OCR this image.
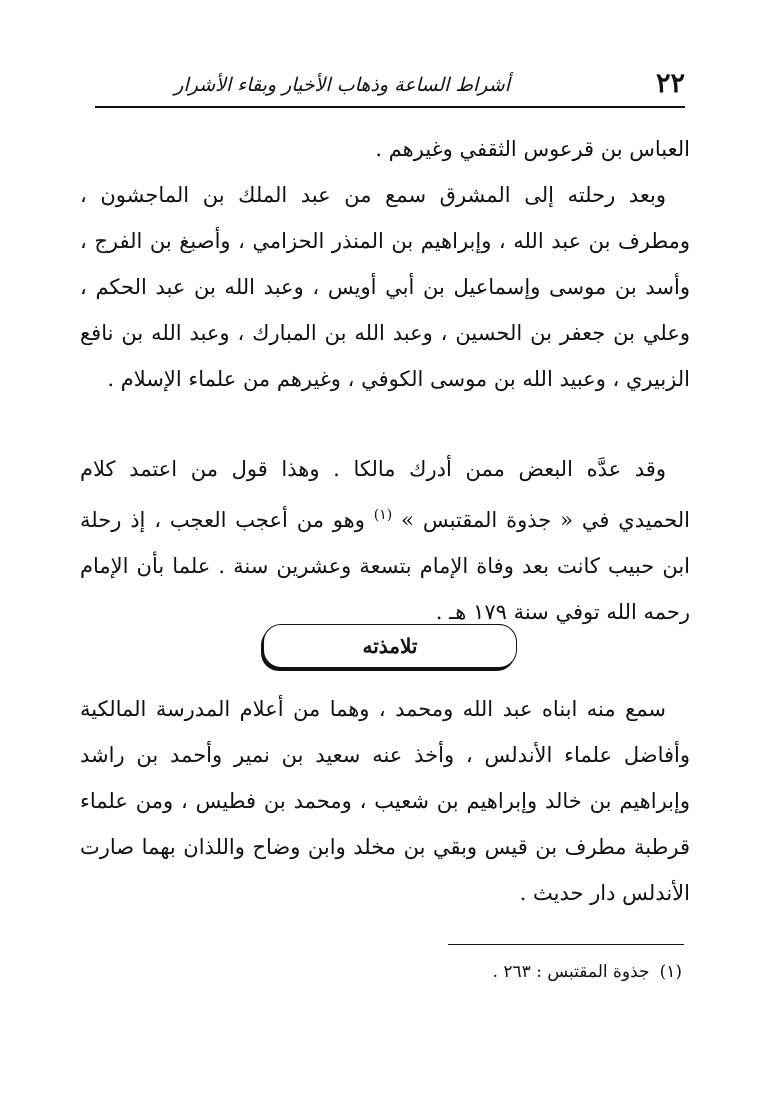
٢٢
أشراط الساعة وذهاب الأخيار وبقاء الأشرار

العباس بن قرعوس الثقفي وغيرهم .

وبعد رحلته إلى المشرق سمع من عبد الملك بن الماجشون ، ومطرف بن عبد الله ، وإبراهيم بن المنذر الحزامي ، وأصبغ بن الفرج ، وأسد بن موسى وإسماعيل بن أبي أويس ، وعبد الله بن عبد الحكم ، وعلي بن جعفر بن الحسين ، وعبد الله بن المبارك ، وعبد الله بن نافع الزبيري ، وعبيد الله بن موسى الكوفي ، وغيرهم من علماء الإسلام .

وقد عدَّه البعض ممن أدرك مالكا . وهذا قول من اعتمد كلام الحميدي في « جذوة المقتبس » $^{(١)}$ وهو من أعجب العجب ، إذ رحلة ابن حبيب كانت بعد وفاة الإمام بتسعة وعشرين سنة . علما بأن الإمام رحمه الله توفي سنة ١٧٩ هـ .

تلامذته

سمع منه ابناه عبد الله ومحمد ، وهما من أعلام المدرسة المالكية وأفاضل علماء الأندلس ، وأخذ عنه سعيد بن نمير وأحمد بن راشد وإبراهيم بن خالد وإبراهيم بن شعيب ، ومحمد بن فطيس ، ومن علماء قرطبة مطرف بن قيس وبقي بن مخلد وابن وضاح واللذان بهما صارت الأندلس دار حديث .

(١)جذوة المقتبس : ٢٦٣ .
